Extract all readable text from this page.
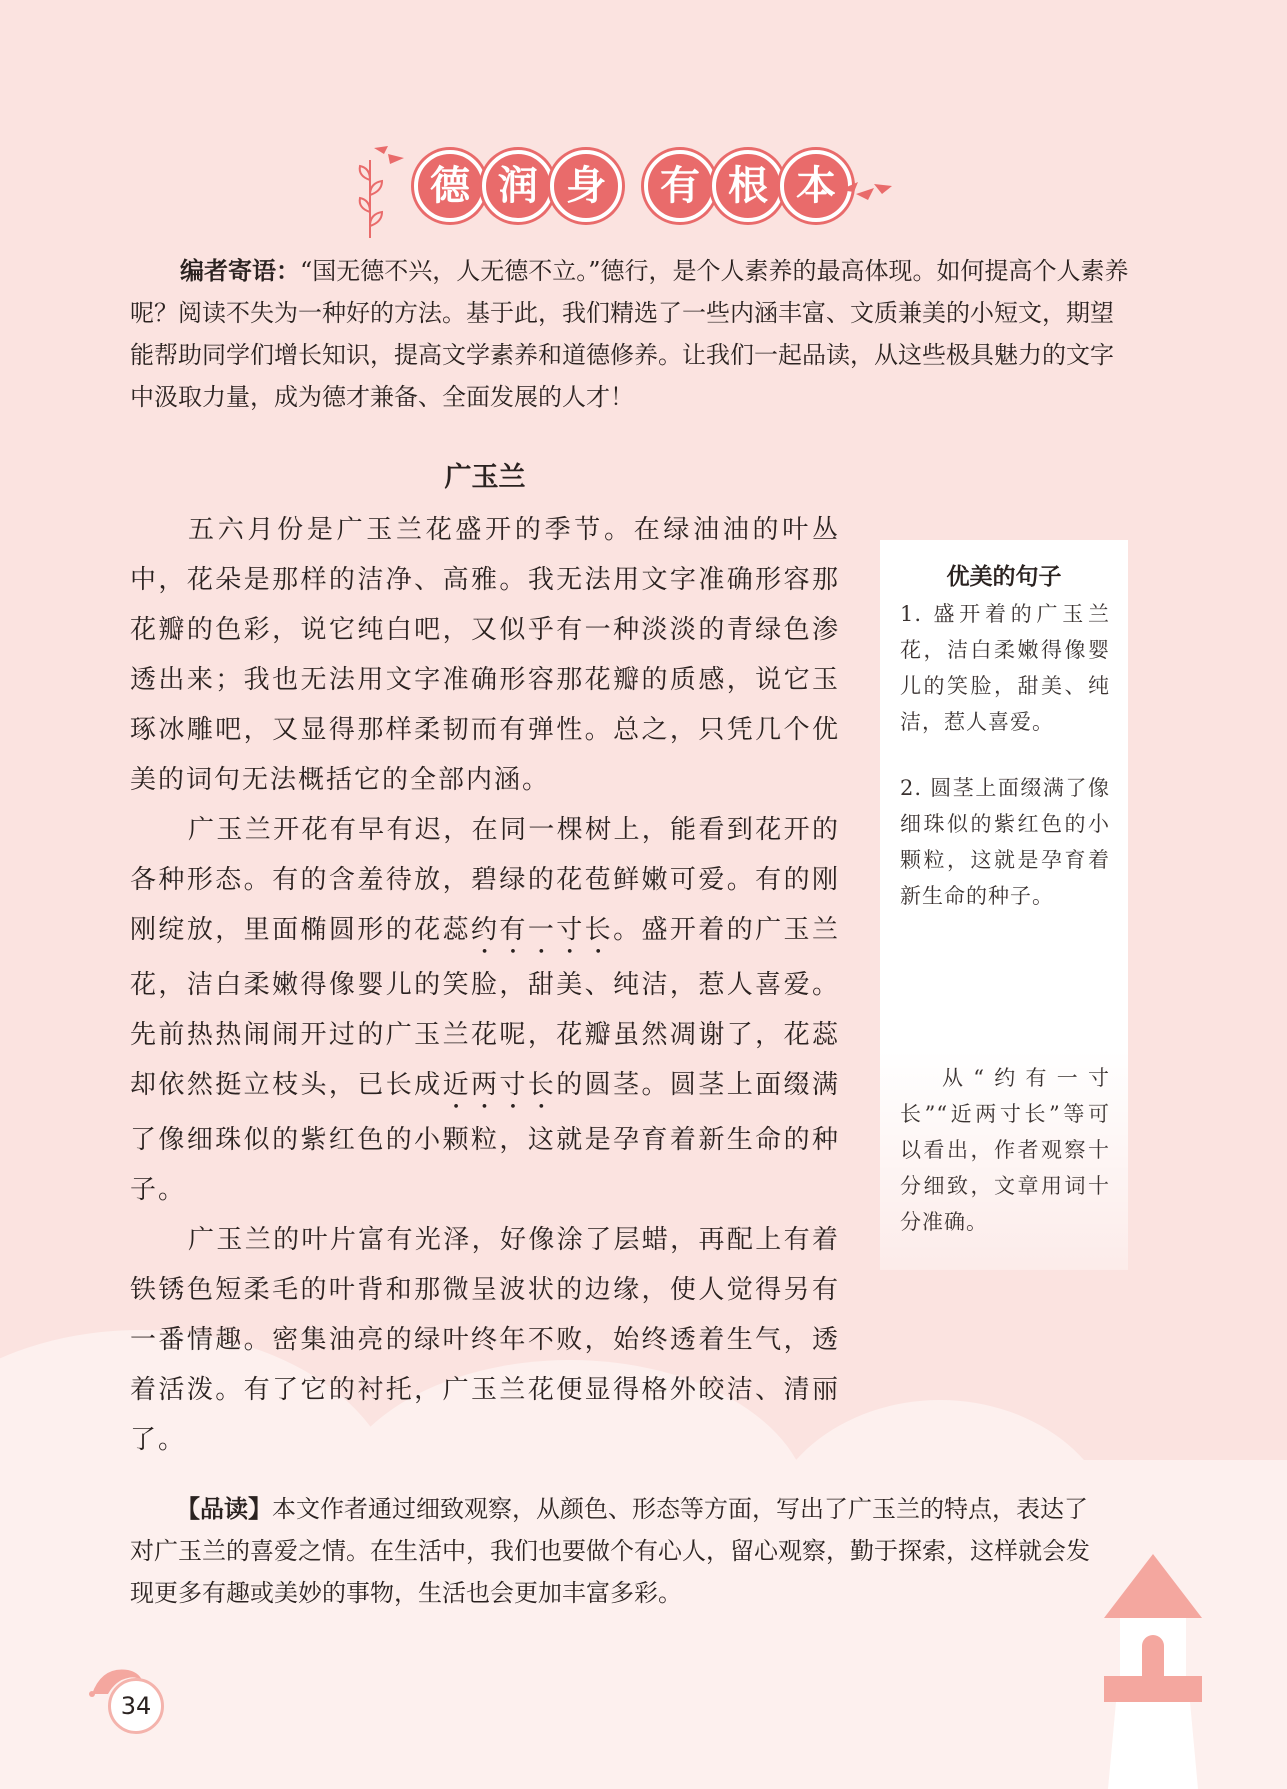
德 润 身	有 根 本

编者寄语：“国无德不兴，人无德不立。”德行，是个人素养的最高体现。如何提高个人素养呢？阅读不失为一种好的方法。基于此，我们精选了一些内涵丰富、文质兼美的小短文，期望能帮助同学们增长知识，提高文学素养和道德修养。让我们一起品读，从这些极具魅力的文字中汲取力量，成为德才兼备、全面发展的人才！

广玉兰

五六月份是广玉兰花盛开的季节。在绿油油的叶丛中，花朵是那样的洁净、高雅。我无法用文字准确形容那花瓣的色彩，说它纯白吧，又似乎有一种淡淡的青绿色渗透出来；我也无法用文字准确形容那花瓣的质感，说它玉琢冰雕吧，又显得那样柔韧而有弹性。总之，只凭几个优美的词句无法概括它的全部内涵。

广玉兰开花有早有迟，在同一棵树上，能看到花开的各种形态。有的含羞待放，碧绿的花苞鲜嫩可爱。有的刚刚绽放，里面椭圆形的花蕊约有一寸长。盛开着的广玉兰花，洁白柔嫩得像婴儿的笑脸，甜美、纯洁，惹人喜爱。先前热热闹闹开过的广玉兰花呢，花瓣虽然凋谢了，花蕊却依然挺立枝头，已长成近两寸长的圆茎。圆茎上面缀满了像细珠似的紫红色的小颗粒，这就是孕育着新生命的种子。

广玉兰的叶片富有光泽，好像涂了层蜡，再配上有着铁锈色短柔毛的叶背和那微呈波状的边缘，使人觉得另有一番情趣。密集油亮的绿叶终年不败，始终透着生气，透着活泼。有了它的衬托，广玉兰花便显得格外皎洁、清丽了。

优美的句子

1. 盛开着的广玉兰花，洁白柔嫩得像婴儿的笑脸，甜美、纯洁，惹人喜爱。

2. 圆茎上面缀满了像细珠似的紫红色的小颗粒，这就是孕育着新生命的种子。

从“约有一寸长”“近两寸长”等可以看出，作者观察十分细致，文章用词十分准确。

【品读】本文作者通过细致观察，从颜色、形态等方面，写出了广玉兰的特点，表达了对广玉兰的喜爱之情。在生活中，我们也要做个有心人，留心观察，勤于探索，这样就会发现更多有趣或美妙的事物，生活也会更加丰富多彩。

34
